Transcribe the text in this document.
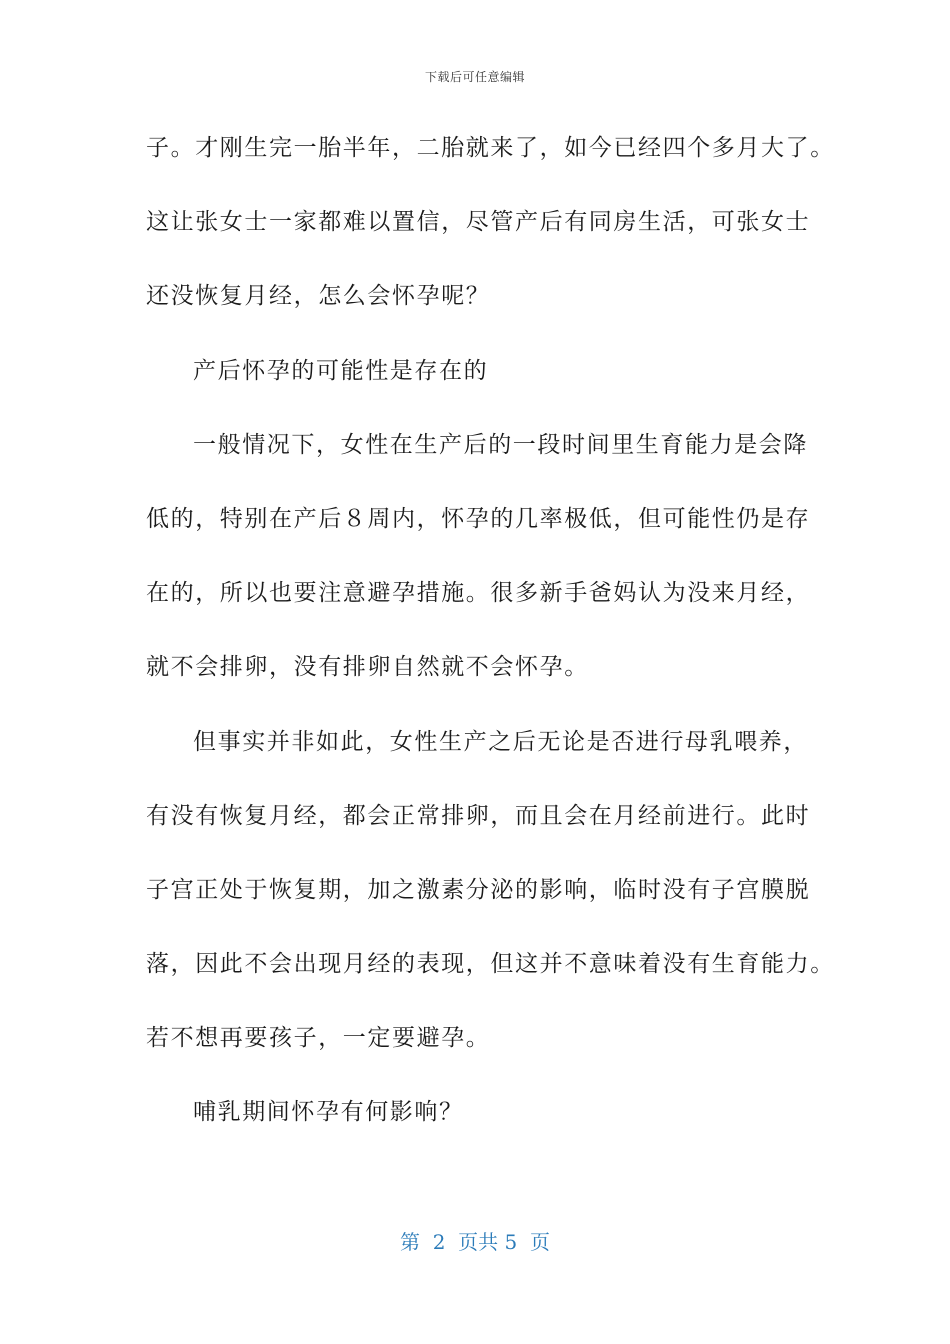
下载后可任意编辑
子。才刚生完一胎半年，二胎就来了，如今已经四个多月大了。
这让张女士一家都难以置信，尽管产后有同房生活，可张女士
还没恢复月经，怎么会怀孕呢？
产后怀孕的可能性是存在的
一般情况下，女性在生产后的一段时间里生育能力是会降
低的，特别在产后８周内，怀孕的几率极低，但可能性仍是存
在的，所以也要注意避孕措施。很多新手爸妈认为没来月经，
就不会排卵，没有排卵自然就不会怀孕。
但事实并非如此，女性生产之后无论是否进行母乳喂养，
有没有恢复月经，都会正常排卵，而且会在月经前进行。此时
子宫正处于恢复期，加之激素分泌的影响，临时没有子宫膜脱
落，因此不会出现月经的表现，但这并不意味着没有生育能力。
若不想再要孩子，一定要避孕。
哺乳期间怀孕有何影响？
第  2  页共 5  页
